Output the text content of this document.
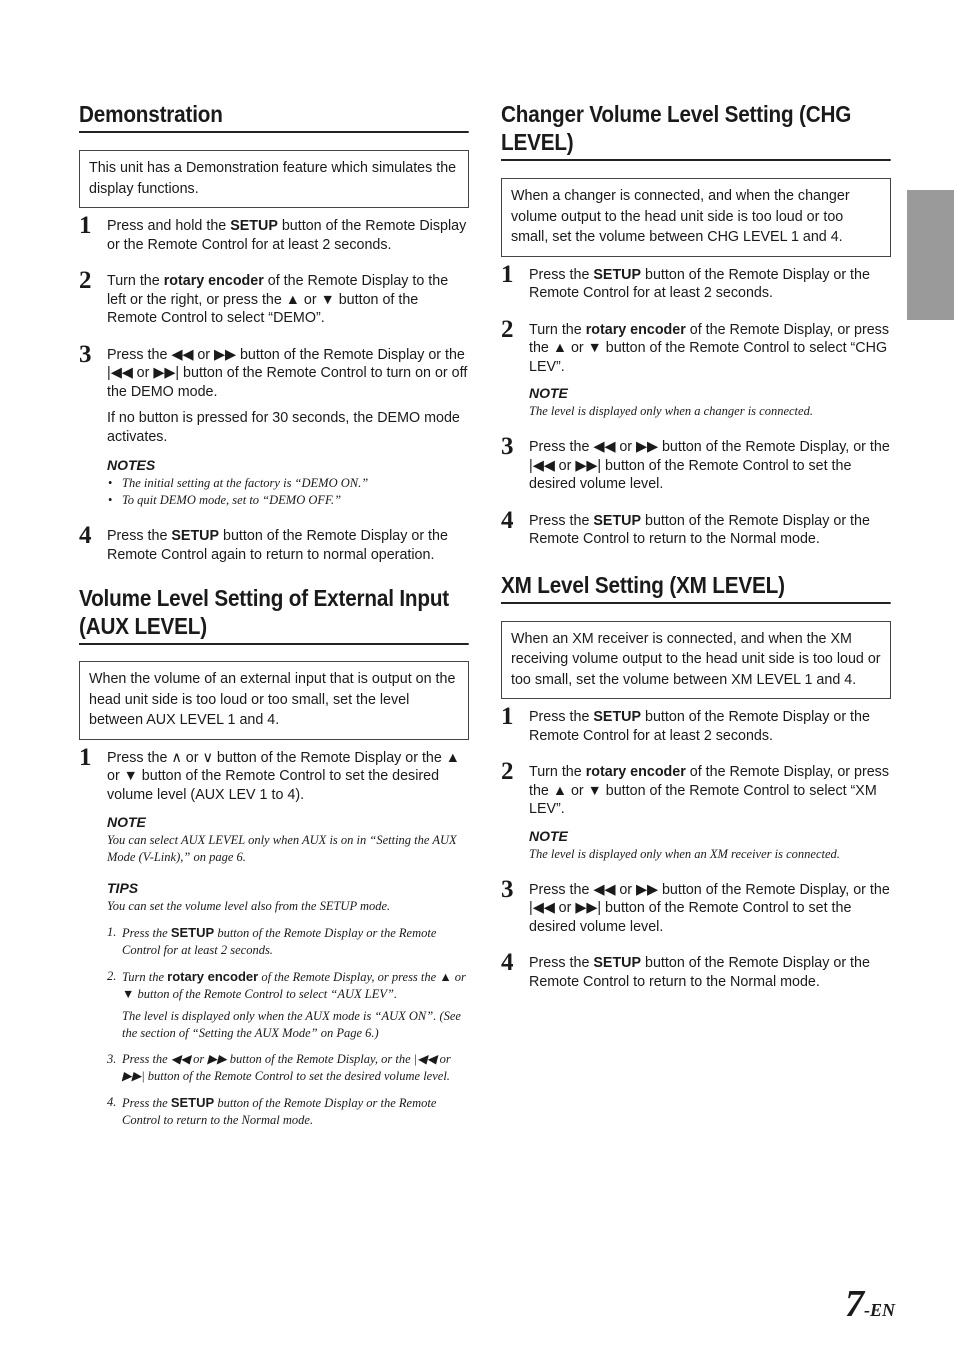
Demonstration
This unit has a Demonstration feature which simulates the display functions.
1 Press and hold the SETUP button of the Remote Display or the Remote Control for at least 2 seconds.

2 Turn the rotary encoder of the Remote Display to the left or the right, or press the ▲ or ▼ button of the Remote Control to select “DEMO”.

3 Press the ◀◀ or ▶▶ button of the Remote Display or the |◀◀ or ▶▶| button of the Remote Control to turn on or off the DEMO mode.

If no button is pressed for 30 seconds, the DEMO mode activates.

NOTES
• The initial setting at the factory is “DEMO ON.”
• To quit DEMO mode, set to “DEMO OFF.”
4 Press the SETUP button of the Remote Display or the Remote Control again to return to normal operation.

Volume Level Setting of External Input (AUX LEVEL)
When the volume of an external input that is output on the head unit side is too loud or too small, set the level between AUX LEVEL 1 and 4.
1 Press the ∧ or ∨ button of the Remote Display or the ▲ or ▼ button of the Remote Control to set the desired volume level (AUX LEV 1 to 4).

NOTE
You can select AUX LEVEL only when AUX is on in “Setting the AUX Mode (V-Link),” on page 6.
TIPS
You can set the volume level also from the SETUP mode.
1. Press the SETUP button of the Remote Display or the Remote Control for at least 2 seconds.

2. Turn the rotary encoder of the Remote Display, or press the ▲ or ▼ button of the Remote Control to select “AUX LEV”.

The level is displayed only when the AUX mode is “AUX ON”. (See the section of “Setting the AUX Mode” on Page 6.)

3. Press the ◀◀ or ▶▶ button of the Remote Display, or the |◀◀ or ▶▶| button of the Remote Control to set the desired volume level.

4. Press the SETUP button of the Remote Display or the Remote Control to return to the Normal mode.

Changer Volume Level Setting (CHG LEVEL)
When a changer is connected, and when the changer volume output to the head unit side is too loud or too small, set the volume between CHG LEVEL 1 and 4.
1 Press the SETUP button of the Remote Display or the Remote Control for at least 2 seconds.

2 Turn the rotary encoder of the Remote Display, or press the ▲ or ▼ button of the Remote Control to select “CHG LEV”.

NOTE
The level is displayed only when a changer is connected.
3 Press the ◀◀ or ▶▶ button of the Remote Display, or the |◀◀ or ▶▶| button of the Remote Control to set the desired volume level.

4 Press the SETUP button of the Remote Display or the Remote Control to return to the Normal mode.

XM Level Setting (XM LEVEL)
When an XM receiver is connected, and when the XM receiving volume output to the head unit side is too loud or too small, set the volume between XM LEVEL 1 and 4.
1 Press the SETUP button of the Remote Display or the Remote Control for at least 2 seconds.

2 Turn the rotary encoder of the Remote Display, or press the ▲ or ▼ button of the Remote Control to select “XM LEV”.

NOTE
The level is displayed only when an XM receiver is connected.
3 Press the ◀◀ or ▶▶ button of the Remote Display, or the |◀◀ or ▶▶| button of the Remote Control to set the desired volume level.

4 Press the SETUP button of the Remote Display or the Remote Control to return to the Normal mode.

7-EN
